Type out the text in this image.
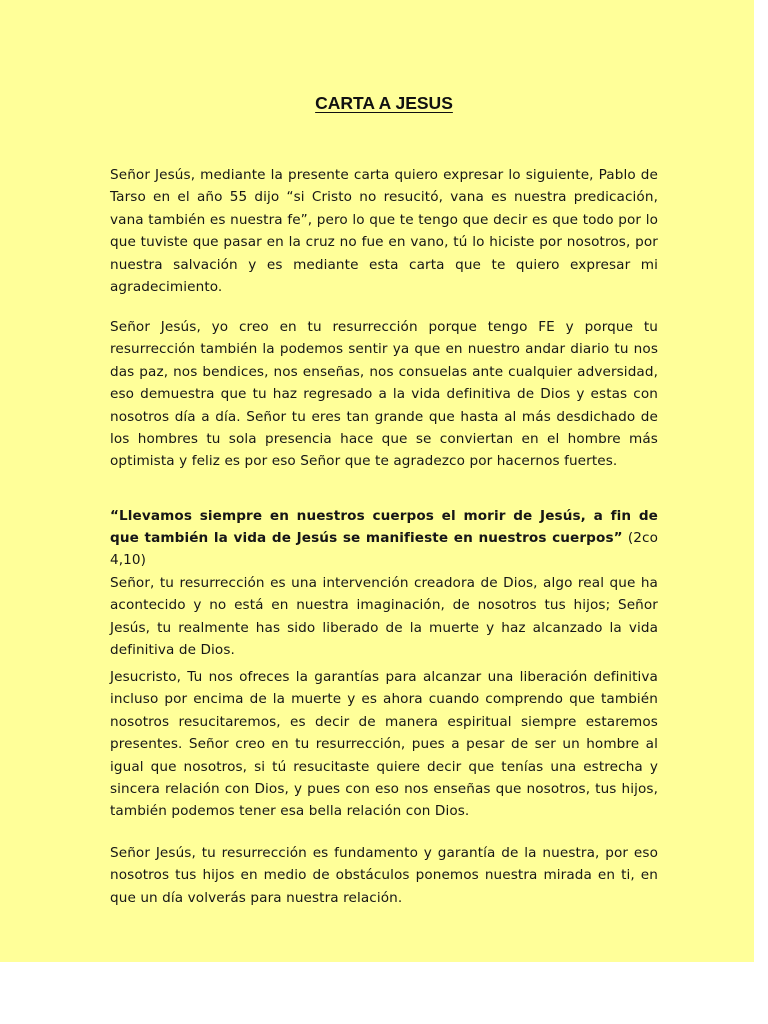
CARTA A JESUS

Señor Jesús, mediante la presente carta quiero expresar lo siguiente, Pablo de Tarso en el año 55 dijo “si Cristo no resucitó, vana es nuestra predicación, vana también es nuestra fe”, pero lo que te tengo que decir es que todo por lo que tuviste que pasar en la cruz no fue en vano, tú lo hiciste por nosotros, por nuestra salvación y es mediante esta carta que te quiero expresar mi agradecimiento.

Señor Jesús, yo creo en tu resurrección porque tengo FE y porque tu resurrección también la podemos sentir ya que en nuestro andar diario tu nos das paz, nos bendices, nos enseñas, nos consuelas ante cualquier adversidad, eso demuestra que tu haz regresado a la vida definitiva de Dios y estas con nosotros día a día. Señor tu eres tan grande que hasta al más desdichado de los hombres tu sola presencia hace que se conviertan en el hombre más optimista y feliz es por eso Señor que te agradezco por hacernos fuertes.

“Llevamos siempre en nuestros cuerpos el morir de Jesús, a fin de que también la vida de Jesús se manifieste en nuestros cuerpos” (2co 4,10)

Señor, tu resurrección es una intervención creadora de Dios, algo real que ha acontecido y no está en nuestra imaginación, de nosotros tus hijos; Señor Jesús, tu realmente has sido liberado de la muerte y haz alcanzado la vida definitiva de Dios.

Jesucristo, Tu nos ofreces la garantías para alcanzar una liberación definitiva incluso por encima de la muerte y es ahora cuando comprendo que también nosotros resucitaremos, es decir de manera espiritual siempre estaremos presentes. Señor creo en tu resurrección, pues a pesar de ser un hombre al igual que nosotros, si tú resucitaste quiere decir que tenías una estrecha y sincera relación con Dios, y pues con eso nos enseñas que nosotros, tus hijos, también podemos tener esa bella relación con Dios.

Señor Jesús, tu resurrección es fundamento y garantía de la nuestra, por eso nosotros tus hijos en medio de obstáculos ponemos nuestra mirada en ti, en que un día volverás para nuestra relación.
